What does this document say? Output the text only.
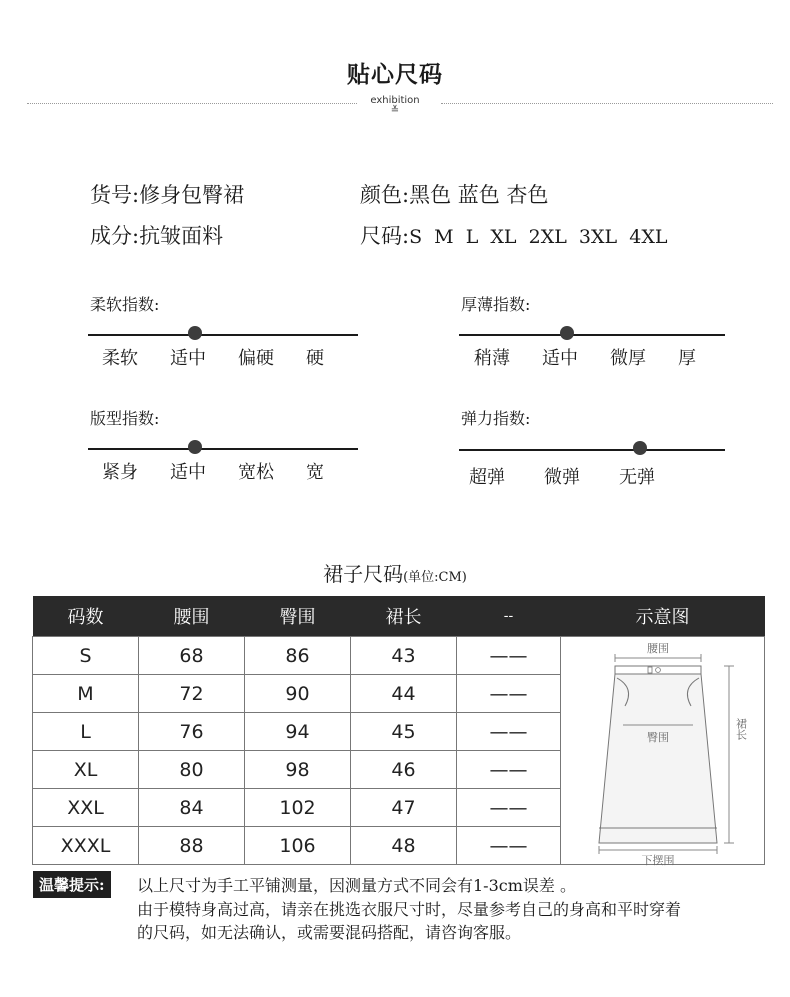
贴心尺码
exhibition
≚
货号:修身包臀裙	颜色:黑色 蓝色 杏色
成分:抗皱面料	尺码:S  M  L  XL  2XL  3XL  4XL
柔软指数:
柔软 适中 偏硬 硬
厚薄指数:
稍薄 适中 微厚 厚
版型指数:
紧身 适中 宽松 宽
弹力指数:
超弹 微弹 无弹
裙子尺码(单位:CM)
码数	腰围	臀围	裙长	--	示意图
S	68	86	43	——	腰围
臀围 裙长
下摆围

M	72	90	44	——	
L	76	94	45	——	
XL	80	98	46	——	
XXL	84	102	47	——	
XXXL	88	106	48	——	
温馨提示:	以上尺寸为手工平铺测量，因测量方式不同会有1-3cm误差 。
由于模特身高过高，请亲在挑选衣服尺寸时，尽量参考自己的身高和平时穿着
的尺码，如无法确认，或需要混码搭配，请咨询客服。
